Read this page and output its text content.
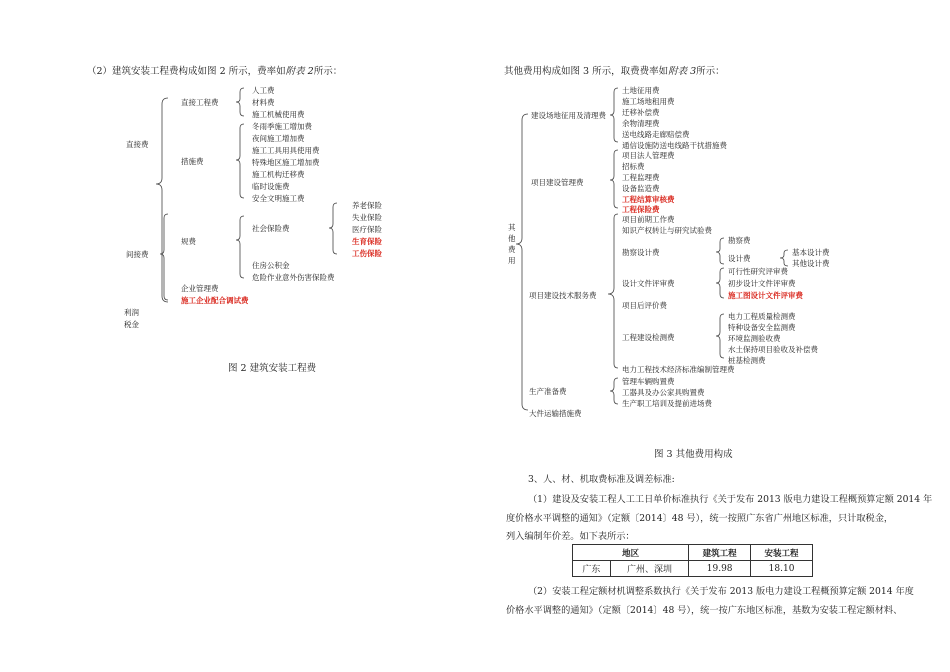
（2）建筑安装工程费构成如图 2 所示，费率如附表 2所示：
直接费
直接工程费
人工费
材料费
施工机械使用费
措施费
冬雨季施工增加费
夜间施工增加费
施工工具用具使用费
特殊地区施工增加费
施工机构迁移费
临时设施费
安全文明施工费
间接费
规费
社会保险费
养老保险
失业保险
医疗保险
生育保险
工伤保险
住房公积金
危险作业意外伤害保险费
企业管理费
施工企业配合调试费
利润
税金
图 2 建筑安装工程费
其他费用构成如图 3 所示，取费费率如附表 3所示：
其他费用
建设场地征用及清理费
土地征用费
施工场地租用费
迁移补偿费
余物清理费
送电线路走廊赔偿费
通信设施防送电线路干扰措施费
项目建设管理费
项目法人管理费
招标费
工程监理费
设备监造费
工程结算审核费
工程保险费
项目建设技术服务费
项目前期工作费
知识产权转让与研究试验费
勘察设计费
勘察费
设计费
基本设计费
其他设计费
设计文件评审费
可行性研究评审费
初步设计文件评审费
施工图设计文件评审费
项目后评价费
工程建设检测费
电力工程质量检测费
特种设备安全监测费
环境监测验收费
水土保持项目验收及补偿费
桩基检测费
电力工程技术经济标准编制管理费
生产准备费
管理车辆购置费
工器具及办公家具购置费
生产职工培训及提前进场费
大件运输措施费
图 3 其他费用构成
3、人、材、机取费标准及调差标准:
（1）建设及安装工程人工工日单价标准执行《关于发布 2013 版电力建设工程概预算定额 2014 年
度价格水平调整的通知》（定额〔2014〕48 号），统一按照广东省广州地区标准，只计取税金，
列入编制年价差。如下表所示：
地区		建筑工程	安装工程
广东	广州、深圳	19.98	18.10
（2）安装工程定额材机调整系数执行《关于发布 2013 版电力建设工程概预算定额 2014 年度
价格水平调整的通知》（定额〔2014〕48 号），统一按广东地区标准，基数为安装工程定额材料、
